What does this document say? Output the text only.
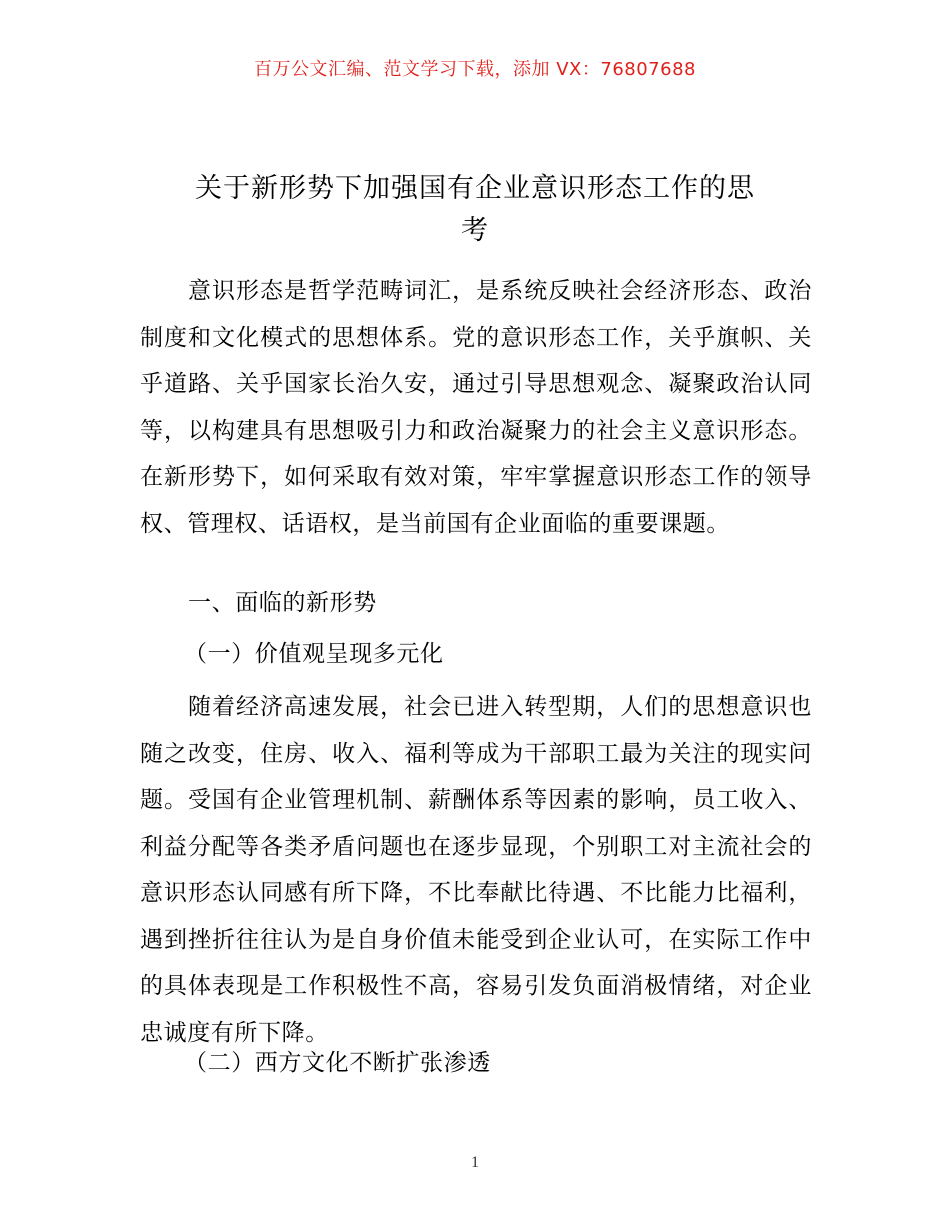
百万公文汇编、范文学习下载，添加 VX：76807688
关于新形势下加强国有企业意识形态工作的思
考

意识形态是哲学范畴词汇，是系统反映社会经济形态、政治制度和文化模式的思想体系。党的意识形态工作，关乎旗帜、关乎道路、关乎国家长治久安，通过引导思想观念、凝聚政治认同等，以构建具有思想吸引力和政治凝聚力的社会主义意识形态。在新形势下，如何采取有效对策，牢牢掌握意识形态工作的领导权、管理权、话语权，是当前国有企业面临的重要课题。

一、面临的新形势

（一）价值观呈现多元化

随着经济高速发展，社会已进入转型期，人们的思想意识也随之改变，住房、收入、福利等成为干部职工最为关注的现实问题。受国有企业管理机制、薪酬体系等因素的影响，员工收入、利益分配等各类矛盾问题也在逐步显现，个别职工对主流社会的意识形态认同感有所下降，不比奉献比待遇、不比能力比福利，遇到挫折往往认为是自身价值未能受到企业认可，在实际工作中的具体表现是工作积极性不高，容易引发负面消极情绪，对企业忠诚度有所下降。

（二）西方文化不断扩张渗透

1
